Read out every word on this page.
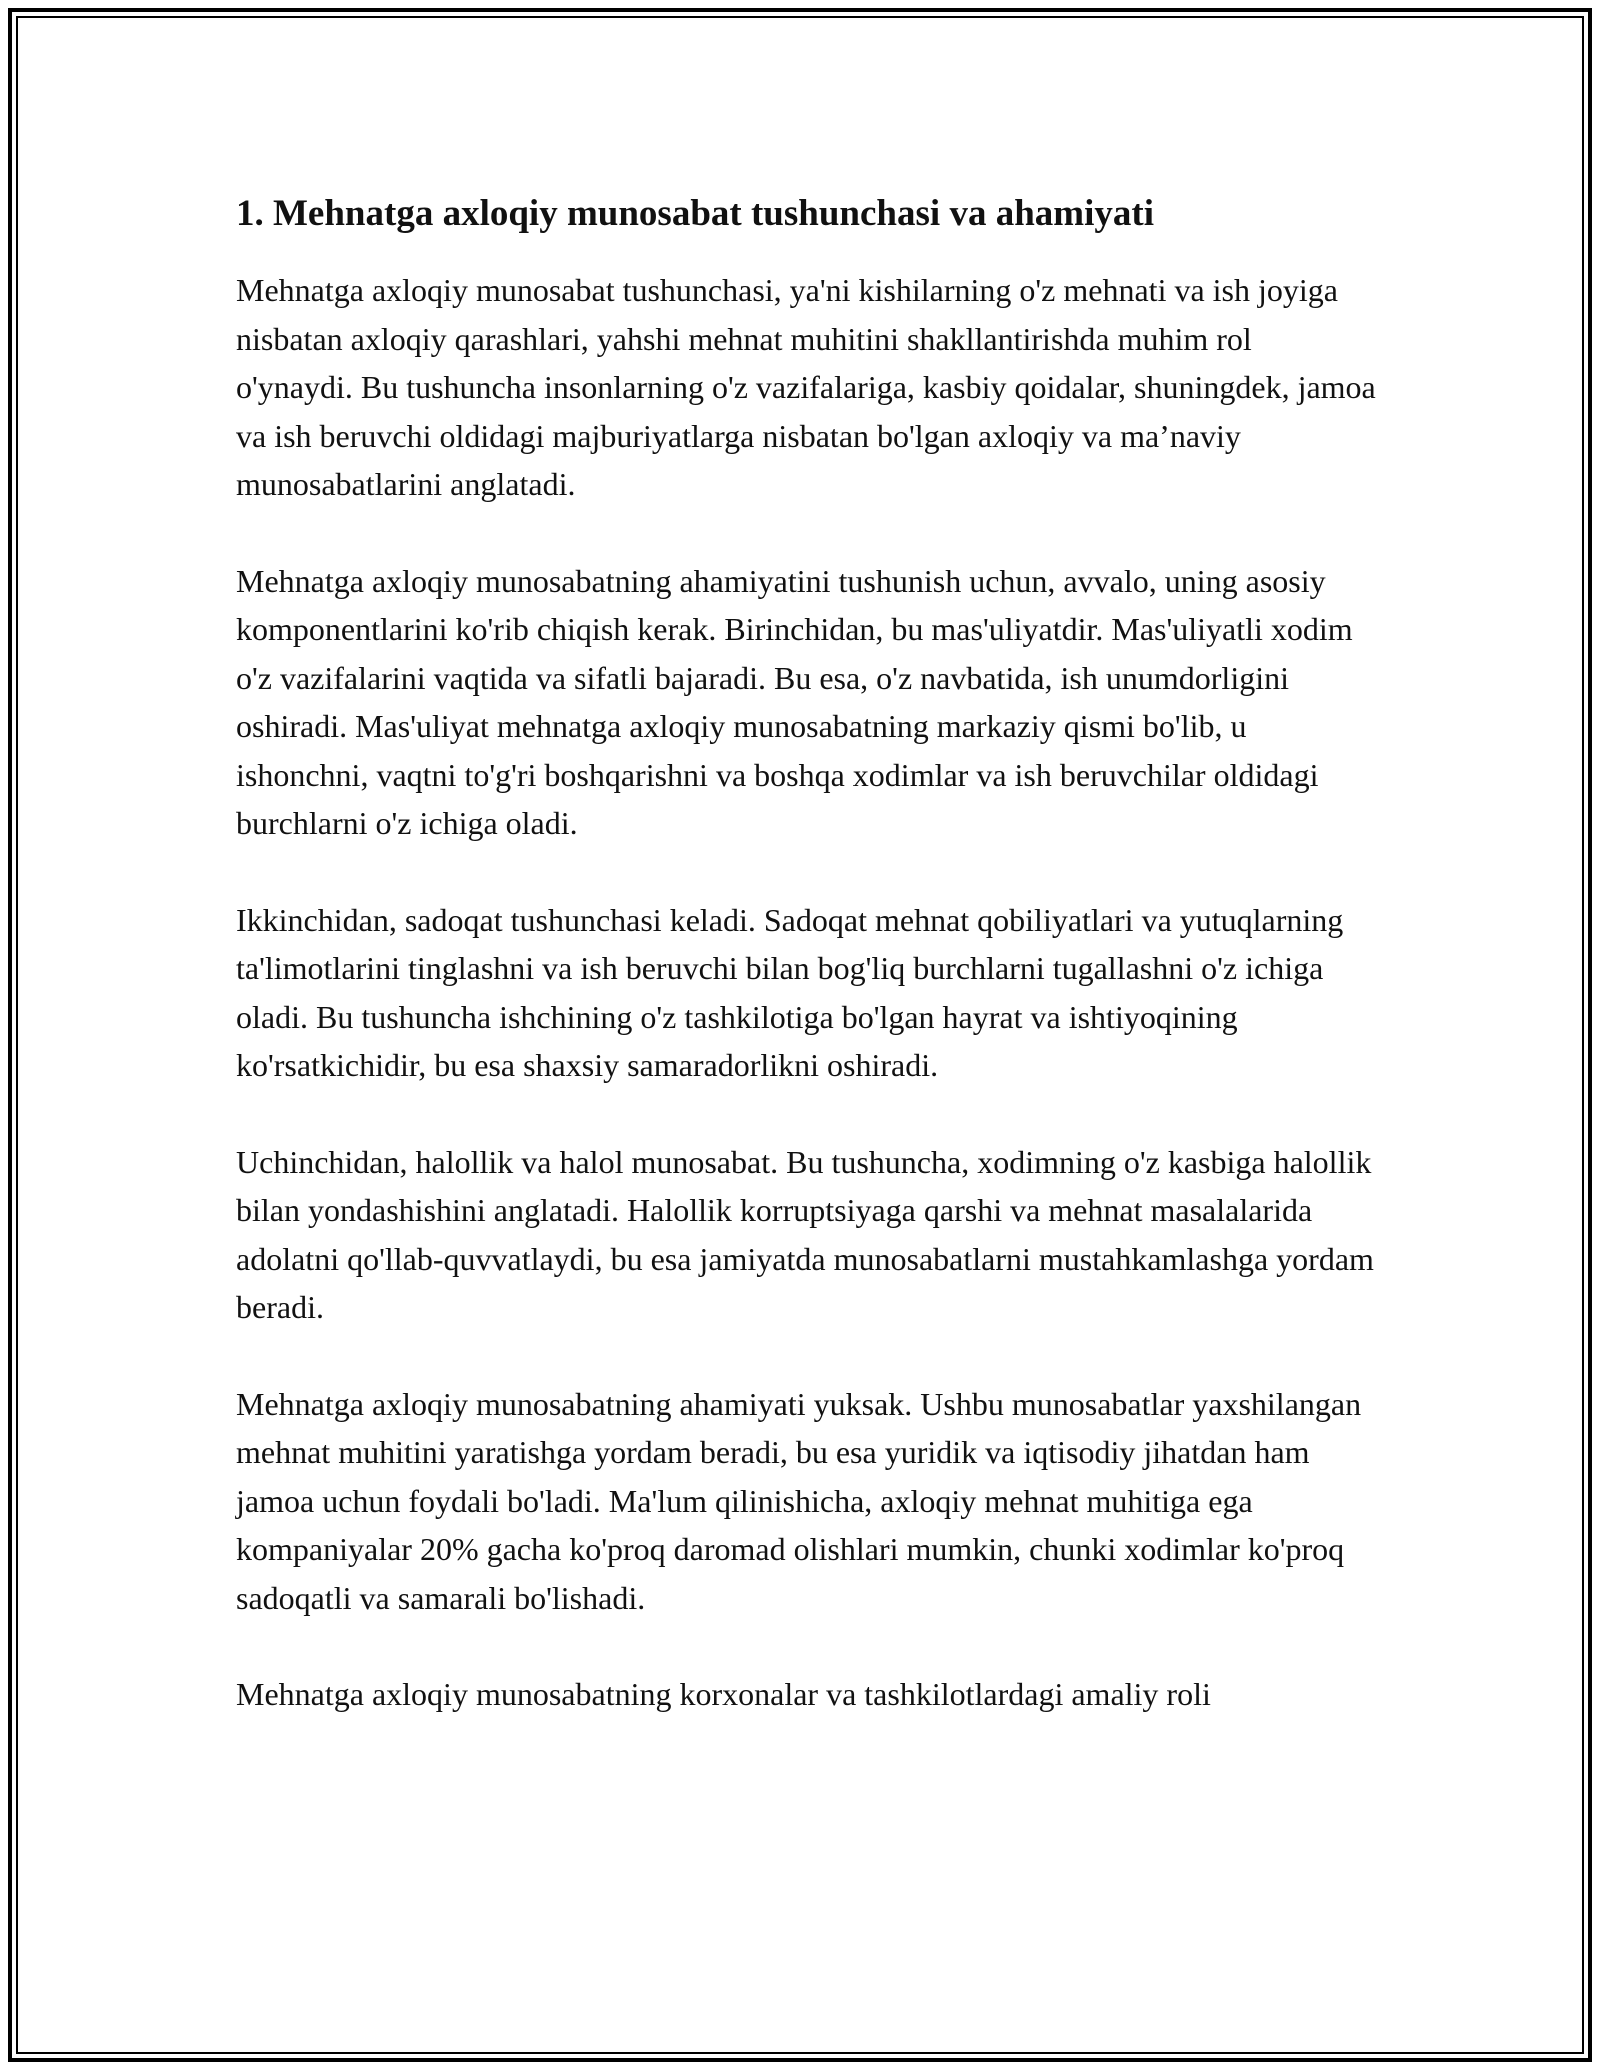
1. Mehnatga axloqiy munosabat tushunchasi va ahamiyati

Mehnatga axloqiy munosabat tushunchasi, ya'ni kishilarning o'z mehnati va ish joyiga nisbatan axloqiy qarashlari, yahshi mehnat muhitini shakllantirishda muhim rol o'ynaydi. Bu tushuncha insonlarning o'z vazifalariga, kasbiy qoidalar, shuningdek, jamoa va ish beruvchi oldidagi majburiyatlarga nisbatan bo'lgan axloqiy va ma’naviy munosabatlarini anglatadi.

Mehnatga axloqiy munosabatning ahamiyatini tushunish uchun, avvalo, uning asosiy komponentlarini ko'rib chiqish kerak. Birinchidan, bu mas'uliyatdir. Mas'uliyatli xodim o'z vazifalarini vaqtida va sifatli bajaradi. Bu esa, o'z navbatida, ish unumdorligini oshiradi. Mas'uliyat mehnatga axloqiy munosabatning markaziy qismi bo'lib, u ishonchni, vaqtni to'g'ri boshqarishni va boshqa xodimlar va ish beruvchilar oldidagi burchlarni o'z ichiga oladi.

Ikkinchidan, sadoqat tushunchasi keladi. Sadoqat mehnat qobiliyatlari va yutuqlarning ta'limotlarini tinglashni va ish beruvchi bilan bog'liq burchlarni tugallashni o'z ichiga oladi. Bu tushuncha ishchining o'z tashkilotiga bo'lgan hayrat va ishtiyoqining ko'rsatkichidir, bu esa shaxsiy samaradorlikni oshiradi.

Uchinchidan, halollik va halol munosabat. Bu tushuncha, xodimning o'z kasbiga halollik bilan yondashishini anglatadi. Halollik korruptsiyaga qarshi va mehnat masalalarida adolatni qo'llab-quvvatlaydi, bu esa jamiyatda munosabatlarni mustahkamlashga yordam beradi.

Mehnatga axloqiy munosabatning ahamiyati yuksak. Ushbu munosabatlar yaxshilangan mehnat muhitini yaratishga yordam beradi, bu esa yuridik va iqtisodiy jihatdan ham jamoa uchun foydali bo'ladi. Ma'lum qilinishicha, axloqiy mehnat muhitiga ega kompaniyalar 20% gacha ko'proq daromad olishlari mumkin, chunki xodimlar ko'proq sadoqatli va samarali bo'lishadi.

Mehnatga axloqiy munosabatning korxonalar va tashkilotlardagi amaliy roli
